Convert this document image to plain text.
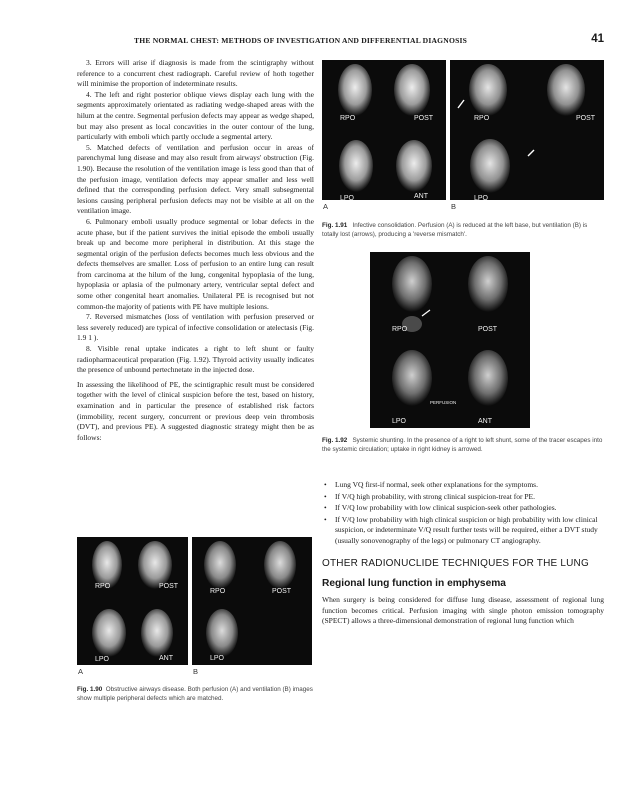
THE NORMAL CHEST: METHODS OF INVESTIGATION AND DIFFERENTIAL DIAGNOSIS	41

3. Errors will arise if diagnosis is made from the scintigraphy without reference to a concurrent chest radiograph. Careful review of hoth together will minimise the proportion of indeterminate results.

4. The left and right posterior oblique views display each lung with the segments approximately orientated as radiating wedge-shaped areas with the hilum at the centre. Segmental perfusion defects may appear as wedge shaped, but may also present as local concavities in the outer contour of the lung, particularly with emboli which partly occlude a segmental artery.

5. Matched defects of ventilation and perfusion occur in areas of parenchymal lung disease and may also result from airways' obstruction (Fig. 1.90). Because the resolution of the ventilation image is less good than that of the perfusion image, ventilation defects may appear smaller and less well defined that the corresponding perfusion defect. Very small subsegmental lesions causing peripheral perfusion defects may not be visible at all on the ventilation image.

6. Pulmonary emboli usually produce segmental or lobar defects in the acute phase, but if the patient survives the initial episode the emboli usually break up and become more peripheral in distribution. At this stage the segmental origin of the perfusion defects becomes much less obvious and the defects themselves are smaller. Loss of perfusion to an entire lung can result from carcinoma at the hilum of the lung, congenital hypoplasia of the lung, hypoplasia or aplasia of the pulmonary artery, ventricular septal defect and some other congenital heart anomalies. Unilateral PE is recognised but not common-the majority of patients with PE have multiple lesions.

7. Reversed mismatches (loss of ventilation with perfusion preserved or less severely reduced) are typical of infective consolidation or atelectasis (Fig. 1.9 1 ).

8. Visible renal uptake indicates a right to left shunt or faulty radiopharmaceutical preparation (Fig. 1.92). Thyroid activity usually indicates the presence of unbound pertechnetate in the injected dose.

In assessing the likelihood of PE, the scintigraphic result must be considered together with the level of clinical suspicion before the test, based on history, examination and in particular the presence of established risk factors (immobility, recent surgery, concurrent or previous deep vein thrombosis (DVT), and previous PE). A suggested diagnostic strategy might then be as follows:

RPO	POST
LPO	ANT
RPO	POST
LPO
A	B
Fig. 1.90 Obstructive airways disease. Both perfusion (A) and ventilation (B) images show multiple peripheral defects which are matched.
RPO	POST
LPO	ANT
RPO	POST
LPO
A	B
Fig. 1.91 Infective consolidation. Perfusion (A) is reduced at the left base, but ventilation (B) is totally lost (arrows), producing a 'reverse mismatch'.
RPO	POST
PERFUSION
LPO	ANT
Fig. 1.92 Systemic shunting. In the presence of a right to left shunt, some of the tracer escapes into the systemic circulation; uptake in right kidney is arrowed.
• Lung VQ first-if normal, seek other explanations for the symptoms.
• If V/Q high probability, with strong clinical suspicion-treat for PE.
• If V/Q low probability with low clinical suspicion-seek other pathologies.
• If V/Q low probability with high clinical suspicion or high probability with low clinical suspicion, or indeterminate V/Q result further tests will be required, either a DVT study (usually sonovenography of the legs) or pulmonary CT angiography.
OTHER RADIONUCLIDE TECHNIQUES FOR THE LUNG
Regional lung function in emphysema

When surgery is being considered for diffuse lung disease, assessment of regional lung function becomes critical. Perfusion imaging with single photon emission tomography (SPECT) allows a three-dimensional demonstration of regional lung function which
